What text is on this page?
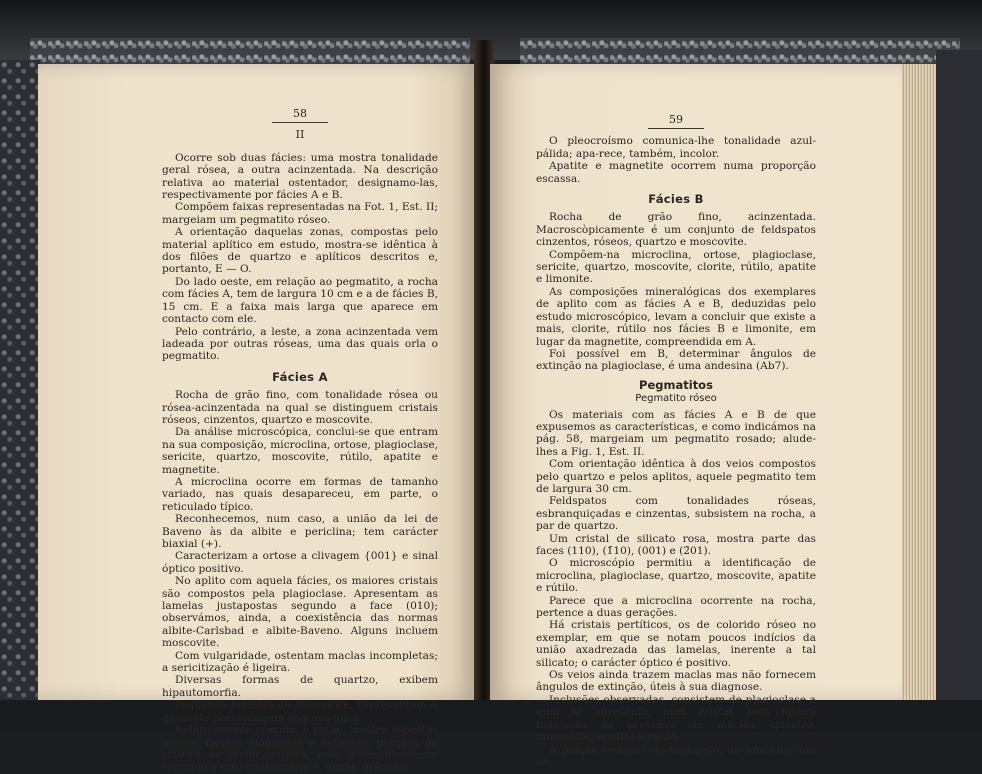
58
II

Ocorre sob duas fácies: uma mostra tonalidade geral rósea, a outra acinzentada. Na descrição relativa ao material ostentador, designamo-las, respectivamente por fácies A e B.

Compõem faixas representadas na Fot. 1, Est. II; margeiam um pegmatito róseo.

A orientação daquelas zonas, compostas pelo material aplítico em estudo, mostra-se idêntica à dos filões de quartzo e aplíticos descritos e, portanto, E — O.

Do lado oeste, em relação ao pegmatito, a rocha com fácies A, tem de largura 10 cm e a de fácies B, 15 cm. E a faixa mais larga que aparece em contacto com ele.

Pelo contrário, a leste, a zona acinzentada vem ladeada por outras róseas, uma das quais orla o pegmatito.

Fácies A

Rocha de grão fino, com tonalidade rósea ou rósea-acinzentada na qual se distinguem cristais róseos, cinzentos, quartzo e moscovite.

Da análise microscópica, conclui-se que entram na sua composição, microclina, ortose, plagioclase, sericite, quartzo, moscovite, rútilo, apatite e magnetite.

A microclina ocorre em formas de tamanho variado, nas quais desapareceu, em parte, o reticulado típico.

Reconhecemos, num caso, a união da lei de Baveno às da albite e periclina; tem carácter biaxial (+).

Caracterizam a ortose a clivagem {001} e sinal óptico positivo.

No aplito com aquela fácies, os maiores cristais são compostos pela plagioclase. Apresentam as lamelas justapostas segundo a face (010); observámos, ainda, a coexistência das normas albite-Carlsbad e albite-Baveno. Alguns incluem moscovite.

Com vulgaridade, ostentam maclas incompletas; a sericitização é ligeira.

Diversas formas de quartzo, exibem hipautomorfia.

Pequenas lamelas de moscovite, representam a diminuta percentagem daquela mica.

Relativamente comum, o rútilo, mostra aspectos usuais: formas alongadas e estreitas, porções de cristais de maior largura, com desenvolvimento segundo o eixo quaternário e, ainda, grânulos.

59

O pleocroísmo comunica-lhe tonalidade azul-pálida; apa-rece, também, incolor.

Apatite e magnetite ocorrem numa proporção escassa.

Fácies B

Rocha de grão fino, acinzentada. Macroscòpicamente é um conjunto de feldspatos cinzentos, róseos, quartzo e moscovite.

Compõem-na microclina, ortose, plagioclase, sericite, quartzo, moscovite, clorite, rútilo, apatite e limonite.

As composições mineralógicas dos exemplares de aplito com as fácies A e B, deduzidas pelo estudo microscópico, levam a concluir que existe a mais, clorite, rútilo nos fácies B e limonite, em lugar da magnetite, compreendida em A.

Foi possível em B, determinar ângulos de extinção na plagioclase, é uma andesina (Ab7).

Pegmatitos
Pegmatito róseo

Os materiais com as fácies A e B de que expusemos as características, e como indicámos na pág. 58, margeiam um pegmatito rosado; alude-lhes a Fig. 1, Est. II.

Com orientação idêntica à dos veios compostos pelo quartzo e pelos aplitos, aquele pegmatito tem de largura 30 cm.

Feldspatos com tonalidades róseas, esbranquiçadas e cinzentas, subsistem na rocha, a par de quartzo.

Um cristal de silicato rosa, mostra parte das faces (110), (1̄10), (001) e (2̄01).

O microscópio permitiu a identificação de microclina, plagioclase, quartzo, moscovite, apatite e rútilo.

Parece que a microclina ocorrente na rocha, pertence a duas gerações.

Há cristais pertíticos, os de colorido róseo no exemplar, em que se notam poucos indícios da união axadrezada das lamelas, inerente a tal silicato; o carácter óptico é positivo.

Os veios ainda trazem maclas mas não fornecem ângulos de extinção, úteis à sua diagnose.

Inclusões observadas, consistem de plagioclase a qual se apresenta, num cristal, com ligeira indicação da presença de maclas, quartzo, moscovite, apatite e rútilo.

A porção restante do feldspato, de tom cinzento no
